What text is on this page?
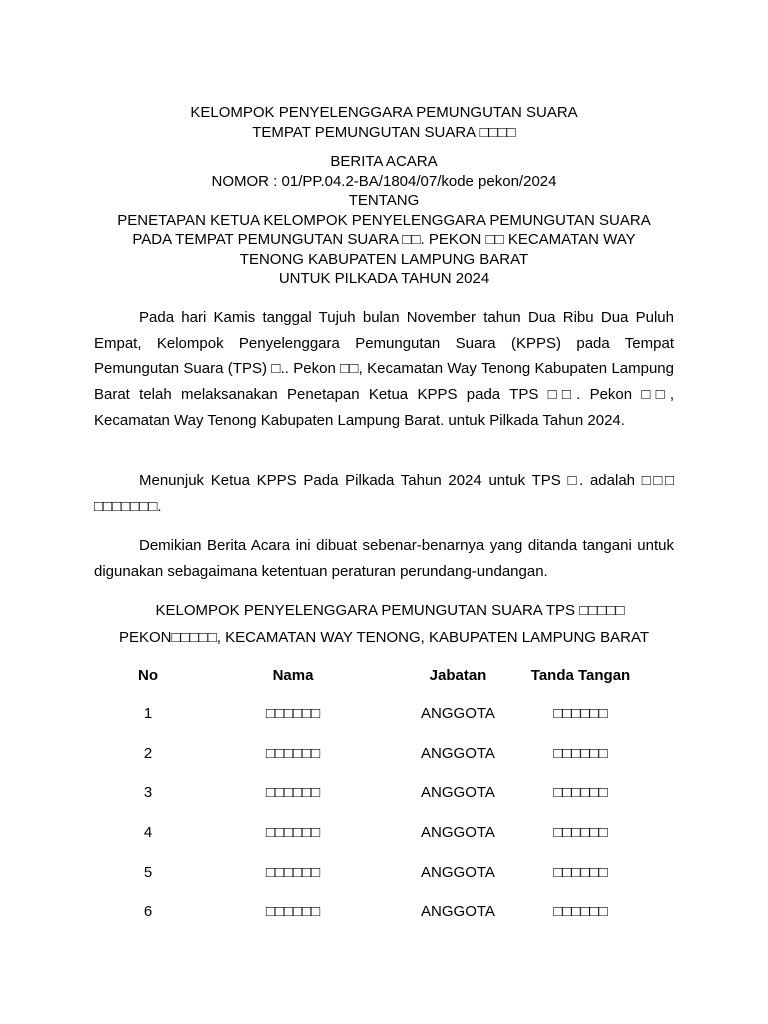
KELOMPOK PENYELENGGARA PEMUNGUTAN SUARA

TEMPAT PEMUNGUTAN SUARA □□□□

BERITA ACARA

NOMOR : 01/PP.04.2-BA/1804/07/kode pekon/2024

TENTANG

PENETAPAN KETUA KELOMPOK PENYELENGGARA PEMUNGUTAN SUARA

PADA TEMPAT PEMUNGUTAN SUARA □□. PEKON □□ KECAMATAN WAY

TENONG KABUPATEN LAMPUNG BARAT

UNTUK PILKADA TAHUN 2024

Pada hari Kamis tanggal Tujuh bulan November tahun Dua Ribu Dua Puluh Empat, Kelompok Penyelenggara Pemungutan Suara (KPPS) pada Tempat Pemungutan Suara (TPS) □.. Pekon □□, Kecamatan Way Tenong Kabupaten Lampung Barat telah melaksanakan Penetapan Ketua KPPS pada TPS □□. Pekon □□, Kecamatan Way Tenong Kabupaten Lampung Barat. untuk Pilkada Tahun 2024.

Menunjuk Ketua KPPS Pada Pilkada Tahun 2024 untuk TPS □. adalah □□□ □□□□□□□.

Demikian Berita Acara ini dibuat sebenar-benarnya yang ditanda tangani untuk digunakan sebagaimana ketentuan peraturan perundang-undangan.

KELOMPOK PENYELENGGARA PEMUNGUTAN SUARA TPS □□□□□
PEKON□□□□□, KECAMATAN WAY TENONG, KABUPATEN LAMPUNG BARAT
No	Nama	Jabatan	Tanda Tangan
1	□□□□□□	ANGGOTA	□□□□□□
2	□□□□□□	ANGGOTA	□□□□□□
3	□□□□□□	ANGGOTA	□□□□□□
4	□□□□□□	ANGGOTA	□□□□□□
5	□□□□□□	ANGGOTA	□□□□□□
6	□□□□□□	ANGGOTA	□□□□□□
